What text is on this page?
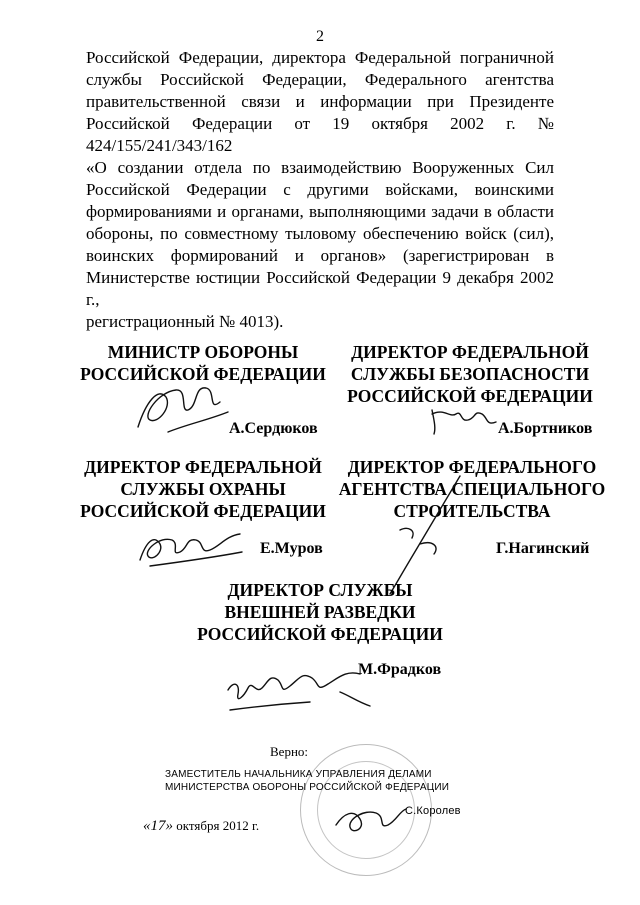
2
Российской Федерации, директора Федеральной пограничной
службы Российской Федерации, Федерального агентства
правительственной связи и информации при Президенте
Российской Федерации от 19 октября 2002 г. № 424/155/241/343/162
«О создании отдела по взаимодействию Вооруженных Сил
Российской Федерации с другими войсками, воинскими
формированиями и органами, выполняющими задачи в области
обороны, по совместному тыловому обеспечению войск (сил),
воинских формирований и органов» (зарегистрирован в
Министерстве юстиции Российской Федерации 9 декабря 2002 г.,
регистрационный № 4013).
МИНИСТР ОБОРОНЫ
РОССИЙСКОЙ ФЕДЕРАЦИИ
А.Сердюков
ДИРЕКТОР ФЕДЕРАЛЬНОЙ
СЛУЖБЫ БЕЗОПАСНОСТИ
РОССИЙСКОЙ ФЕДЕРАЦИИ
А.Бортников
ДИРЕКТОР ФЕДЕРАЛЬНОЙ
СЛУЖБЫ ОХРАНЫ
РОССИЙСКОЙ ФЕДЕРАЦИИ
Е.Муров
ДИРЕКТОР ФЕДЕРАЛЬНОГО
АГЕНТСТВА СПЕЦИАЛЬНОГО
СТРОИТЕЛЬСТВА
Г.Нагинский
ДИРЕКТОР СЛУЖБЫ
ВНЕШНЕЙ РАЗВЕДКИ
РОССИЙСКОЙ ФЕДЕРАЦИИ
М.Фрадков
Верно:
ЗАМЕСТИТЕЛЬ НАЧАЛЬНИКА УПРАВЛЕНИЯ ДЕЛАМИ
МИНИСТЕРСТВА ОБОРОНЫ РОССИЙСКОЙ ФЕДЕРАЦИИ
С.Королев
«17» октября 2012 г.
